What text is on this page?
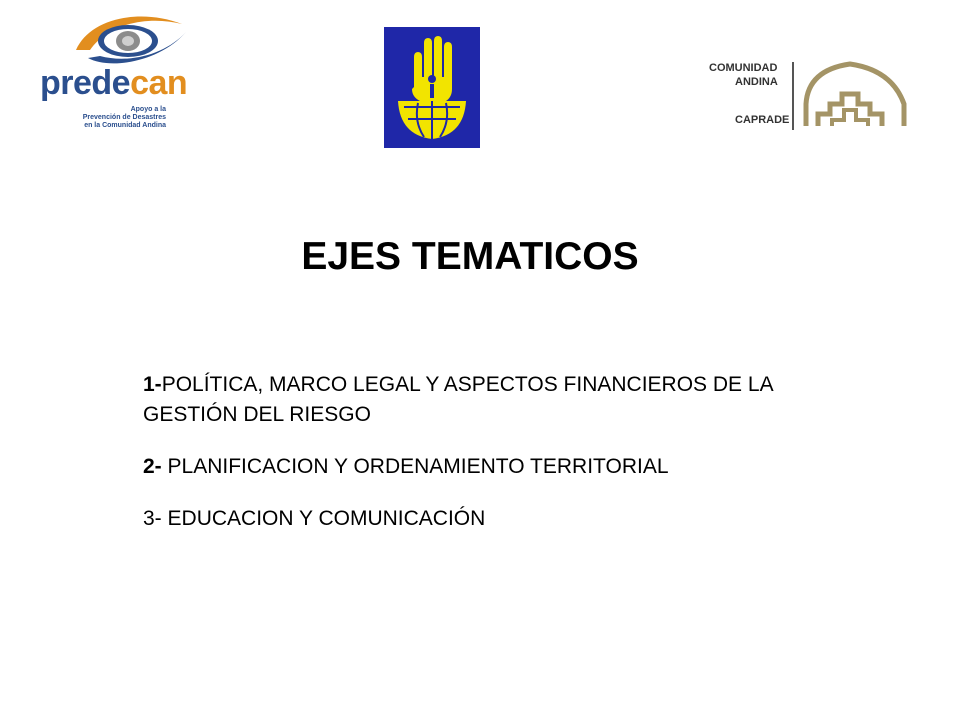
predecan
Apoyo a la
Prevención de Desastres
en la Comunidad Andina
COMUNIDAD
ANDINA
CAPRADE
EJES TEMATICOS

1-POLÍTICA, MARCO LEGAL Y ASPECTOS FINANCIEROS DE LA GESTIÓN DEL RIESGO

2- PLANIFICACION Y ORDENAMIENTO TERRITORIAL

3- EDUCACION Y COMUNICACIÓN
